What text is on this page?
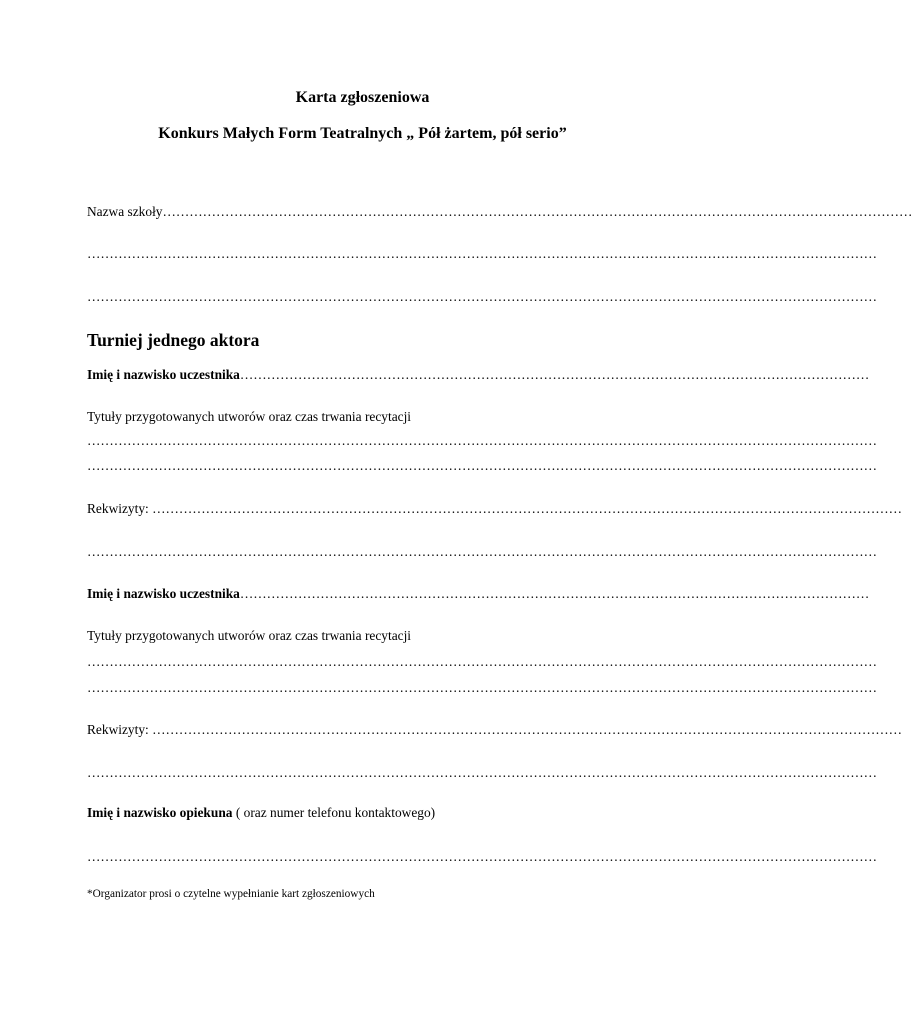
Karta zgłoszeniowa
Konkurs Małych Form Teatralnych „ Pół żartem, pół serio”
Nazwa szkoły……………………………………………………………………………………………………………………………………………………
……………………………………………………………………………………………………………………………………………………………
……………………………………………………………………………………………………………………………………………………………
Turniej jednego aktora
Imię i nazwisko uczestnika……………………………………………………………………………………………………………………………
Tytuły przygotowanych utworów oraz czas trwania recytacji
……………………………………………………………………………………………………………………………………………………………
……………………………………………………………………………………………………………………………………………………………
Rekwizyty: ……………………………………………………………………………………………………………………………………………………
……………………………………………………………………………………………………………………………………………………………
Imię i nazwisko uczestnika……………………………………………………………………………………………………………………………
Tytuły przygotowanych utworów oraz czas trwania recytacji
……………………………………………………………………………………………………………………………………………………………
……………………………………………………………………………………………………………………………………………………………
Rekwizyty: ……………………………………………………………………………………………………………………………………………………
……………………………………………………………………………………………………………………………………………………………
Imię i nazwisko opiekuna ( oraz numer telefonu kontaktowego)
……………………………………………………………………………………………………………………………………………………………
*Organizator prosi o czytelne wypełnianie kart zgłoszeniowych
